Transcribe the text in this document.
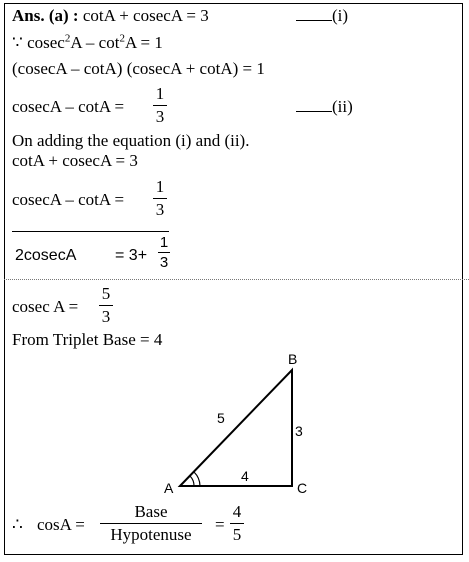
Ans. (a) : cotA + cosecA = 3	(i)
∵ $cosec^2A - \cot^2A = 1$
(cosecA – cotA) (cosecA + cotA) = 1
cosecA – cotA =
1
3
(ii)
On adding the equation (i) and (ii).
cotA + cosecA = 3
cosecA – cotA =
1
3
2cosecA = 3+
1
3
cosec A =
5
3
From Triplet Base = 4
A
B
C
5
3
4
∴ cosA =
Base
Hypotenuse
=
4
5
